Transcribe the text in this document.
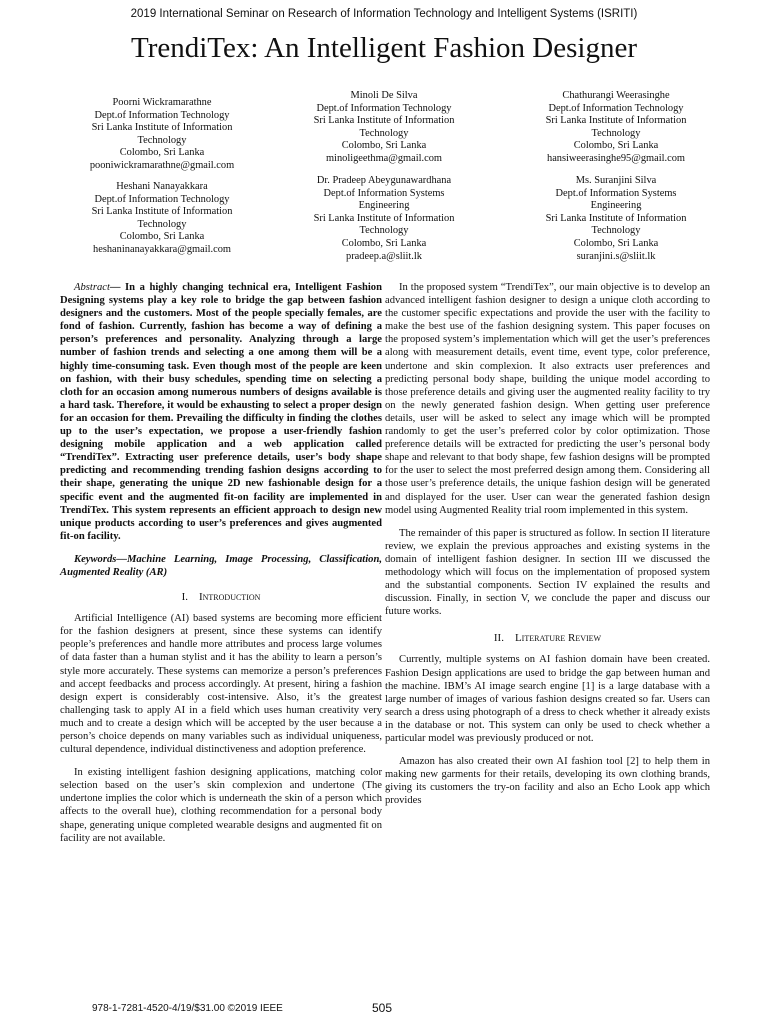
2019 International Seminar on Research of Information Technology and Intelligent Systems (ISRITI)
TrendiTex: An Intelligent Fashion Designer
Poorni Wickramarathne
Dept.of Information Technology
Sri Lanka Institute of Information
Technology
Colombo, Sri Lanka
pooniwickramarathne@gmail.com
Minoli De Silva
Dept.of Information Technology
Sri Lanka Institute of Information
Technology
Colombo, Sri Lanka
minoligeethma@gmail.com
Chathurangi Weerasinghe
Dept.of Information Technology
Sri Lanka Institute of Information
Technology
Colombo, Sri Lanka
hansiweerasinghe95@gmail.com
Heshani Nanayakkara
Dept.of Information Technology
Sri Lanka Institute of Information
Technology
Colombo, Sri Lanka
heshaninanayakkara@gmail.com
Dr. Pradeep Abeygunawardhana
Dept.of Information Systems
Engineering
Sri Lanka Institute of Information
Technology
Colombo, Sri Lanka
pradeep.a@sliit.lk
Ms. Suranjini Silva
Dept.of Information Systems
Engineering
Sri Lanka Institute of Information
Technology
Colombo, Sri Lanka
suranjini.s@sliit.lk

Abstract— In a highly changing technical era, Intelligent Fashion Designing systems play a key role to bridge the gap between fashion designers and the customers. Most of the people specially females, are fond of fashion. Currently, fashion has become a way of defining a person’s preferences and personality. Analyzing through a large number of fashion trends and selecting a one among them will be a highly time-consuming task. Even though most of the people are keen on fashion, with their busy schedules, spending time on selecting a cloth for an occasion among numerous numbers of designs available is a hard task. Therefore, it would be exhausting to select a proper design for an occasion for them. Prevailing the difficulty in finding the clothes up to the user’s expectation, we propose a user-friendly fashion designing mobile application and a web application called “TrendiTex”. Extracting user preference details, user’s body shape predicting and recommending trending fashion designs according to their shape, generating the unique 2D new fashionable design for a specific event and the augmented fit-on facility are implemented in TrendiTex. This system represents an efficient approach to design new unique products according to user’s preferences and gives augmented fit-on facility.

Keywords—Machine Learning, Image Processing, Classification, Augmented Reality (AR)

I. Introduction

Artificial Intelligence (AI) based systems are becoming more efficient for the fashion designers at present, since these systems can identify people’s preferences and handle more attributes and process large volumes of data faster than a human stylist and it has the ability to learn a person’s style more accurately. These systems can memorize a person’s preferences and accept feedbacks and process accordingly. At present, hiring a fashion design expert is considerably cost-intensive. Also, it’s the greatest challenging task to apply AI in a field which uses human creativity very much and to create a design which will be accepted by the user because a person’s choice depends on many variables such as individual uniqueness, cultural dependence, individual distinctiveness and adoption preference.

In existing intelligent fashion designing applications, matching color selection based on the user’s skin complexion and undertone (The undertone implies the color which is underneath the skin of a person which affects to the overall hue), clothing recommendation for a personal body shape, generating unique completed wearable designs and augmented fit on facility are not available.

In the proposed system “TrendiTex”, our main objective is to develop an advanced intelligent fashion designer to design a unique cloth according to the customer specific expectations and provide the user with the facility to make the best use of the fashion designing system. This paper focuses on the proposed system’s implementation which will get the user’s preferences along with measurement details, event time, event type, color preference, undertone and skin complexion. It also extracts user preferences and predicting personal body shape, building the unique model according to those preference details and giving user the augmented reality facility to try on the newly generated fashion design. When getting user preference details, user will be asked to select any image which will be prompted randomly to get the user’s preferred color by color optimization. Those preference details will be extracted for predicting the user’s personal body shape and relevant to that body shape, few fashion designs will be prompted for the user to select the most preferred design among them. Considering all those user’s preference details, the unique fashion design will be generated and displayed for the user. User can wear the generated fashion design model using Augmented Reality trial room implemented in this system.

The remainder of this paper is structured as follow. In section II literature review, we explain the previous approaches and existing systems in the domain of intelligent fashion designer. In section III we discussed the methodology which will focus on the implementation of proposed system and the substantial components. Section IV explained the results and discussion. Finally, in section V, we conclude the paper and discuss our future works.

II. Literature Review

Currently, multiple systems on AI fashion domain have been created. Fashion Design applications are used to bridge the gap between human and the machine. IBM’s AI image search engine [1] is a large database with a large number of images of various fashion designs created so far. Users can search a dress using photograph of a dress to check whether it already exists in the database or not. This system can only be used to check whether a particular model was previously produced or not.

Amazon has also created their own AI fashion tool [2] to help them in making new garments for their retails, developing its own clothing brands, giving its customers the try-on facility and also an Echo Look app which provides

978-1-7281-4520-4/19/$31.00 ©2019 IEEE	505
